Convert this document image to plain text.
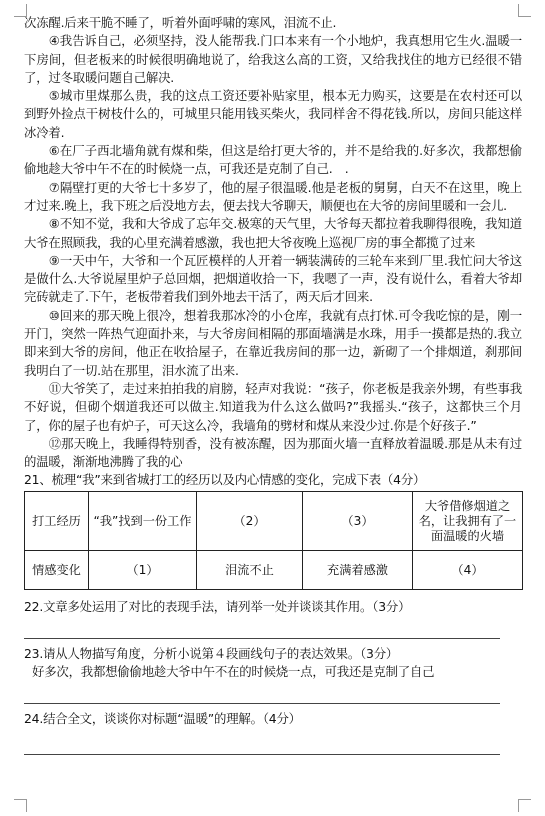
次冻醒.后来干脆不睡了，听着外面呼啸的寒风，泪流不止.

④我告诉自己，必须坚持，没人能帮我.门口本来有一个小地炉，我真想用它生火.温暖一下房间，但老板来的时候很明确地说了，给我这么高的工资，又给我找住的地方已经很不错了，过冬取暖问题自己解决.

⑤城市里煤那么贵，我的这点工资还要补贴家里，根本无力购买，这要是在农村还可以到野外捡点干树枝什么的，可城里只能用钱买柴火，我同样舍不得花钱.所以，房间只能这样冰冷着.

⑥在厂子西北墙角就有煤和柴，但这是给打更大爷的，并不是给我的.好多次，我都想偷偷地趁大爷中午不在的时候烧一点，可我还是克制了自己.　.

⑦隔壁打更的大爷七十多岁了，他的屋子很温暖.他是老板的舅舅，白天不在这里，晚上才过来.晚上，我下班之后没地方去，便去找大爷聊天，顺便也在大爷的房间里暖和一会儿.

⑧不知不觉，我和大爷成了忘年交.极寒的天气里，大爷每天都拉着我聊得很晚，我知道大爷在照顾我，我的心里充满着感激，我也把大爷夜晚上巡视厂房的事全都揽了过来

⑨一天中午，大爷和一个瓦匠模样的人开着一辆装满砖的三轮车来到厂里.我忙问大爷这是做什么.大爷说屋里炉子总回烟，把烟道收拾一下，我嗯了一声，没有说什么，看着大爷却完砖就走了.下午，老板带着我们到外地去干活了，两天后才回来.

⑩回来的那天晚上很冷，想着我那冰冷的小仓库，我就有点打怵.可令我吃惊的是，刚一开门，突然一阵热气迎面扑来，与大爷房间相隔的那面墙满是水珠，用手一摸都是热的.我立即来到大爷的房间，他正在收拾屋子，在靠近我房间的那一边，新砌了一个排烟道，刹那间我明白了一切.站在那里，泪水流了出来.

⑪大爷笑了，走过来拍拍我的肩膀，轻声对我说：“孩子，你老板是我亲外甥，有些事我不好说，但砌个烟道我还可以做主.知道我为什么这么做吗?”我摇头.“孩子，这都快三个月了，你的屋子也有炉子，可天这么冷，我墙角的劈材和煤从来没少过.你是个好孩子.”

⑫那天晚上，我睡得特别香，没有被冻醒，因为那面火墙一直释放着温暖.那是从未有过的温暖，渐渐地沸腾了我的心

21、梳理“我”来到省城打工的经历以及内心情感的变化，完成下表（4分）

打工经历	“我”找到一份工作	（2）	（3）	大爷借修烟道之名，让我拥有了一面温暖的火墙
情感变化	（1）	泪流不止	充满着感激	（4）

22.文章多处运用了对比的表现手法，请列举一处并谈谈其作用。（3分）

23.请从人物描写角度，分析小说第４段画线句子的表达效果。（3分）

好多次，我都想偷偷地趁大爷中午不在的时候烧一点，可我还是克制了自己

24.结合全文，谈谈你对标题“温暖”的理解。（4分）
